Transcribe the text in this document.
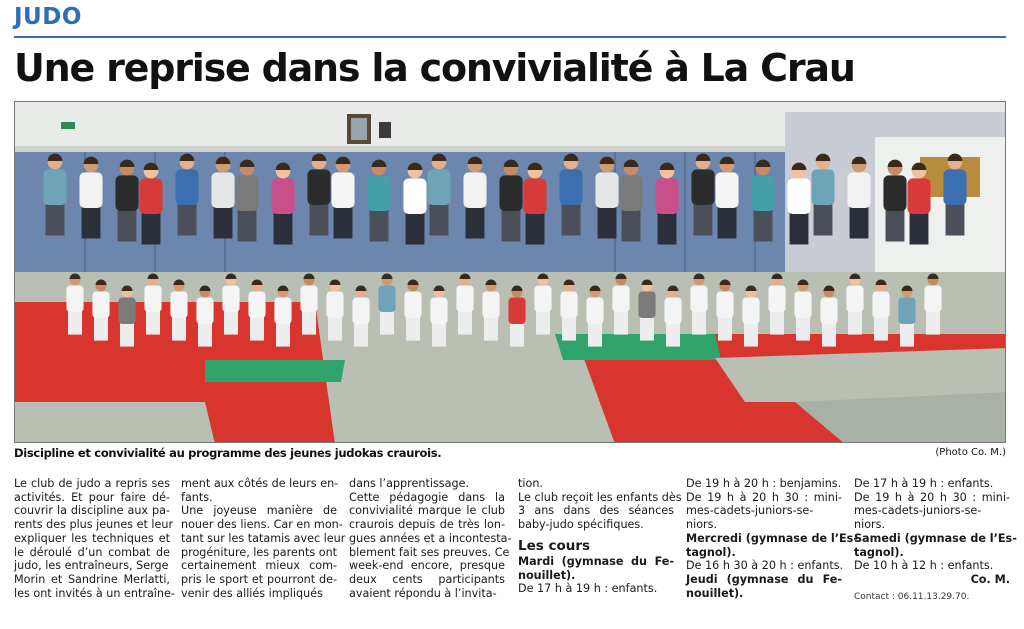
JUDO
Une reprise dans la convivialité à La Crau
Discipline et convivialité au programme des jeunes judokas craurois.	(Photo Co. M.)
Le club de judo a repris ses
activités. Et pour faire dé-
couvrir la discipline aux pa-
rents des plus jeunes et leur
expliquer les techniques et
le déroulé d’un combat de
judo, les entraîneurs, Serge
Morin et Sandrine Merlatti,
les ont invités à un entraîne-
ment aux côtés de leurs en-
fants.
Une joyeuse manière de
nouer des liens. Car en mon-
tant sur les tatamis avec leur
progéniture, les parents ont
certainement mieux com-
pris le sport et pourront de-
venir des alliés impliqués
dans l’apprentissage.
Cette pédagogie dans la
convivialité marque le club
craurois depuis de très lon-
gues années et a incontesta-
blement fait ses preuves. Ce
week-end encore, presque
deux cents participants
avaient répondu à l’invita-
tion.
Le club reçoit les enfants dès
3 ans dans des séances
baby-judo spécifiques.
Les cours
Mardi (gymnase du Fe-
nouillet).
De 17 h à 19 h : enfants.
De 19 h à 20 h : benjamins.
De 19 h à 20 h 30 : mini-
mes-cadets-juniors-se-
niors.
Mercredi (gymnase de l’Es-
tagnol).
De 16 h 30 à 20 h : enfants.
Jeudi (gymnase du Fe-
nouillet).
De 17 h à 19 h : enfants.
De 19 h à 20 h 30 : mini-
mes-cadets-juniors-se-
niors.
Samedi (gymnase de l’Es-
tagnol).
De 10 h à 12 h : enfants.
Co. M.
Contact : 06.11.13.29.70.
